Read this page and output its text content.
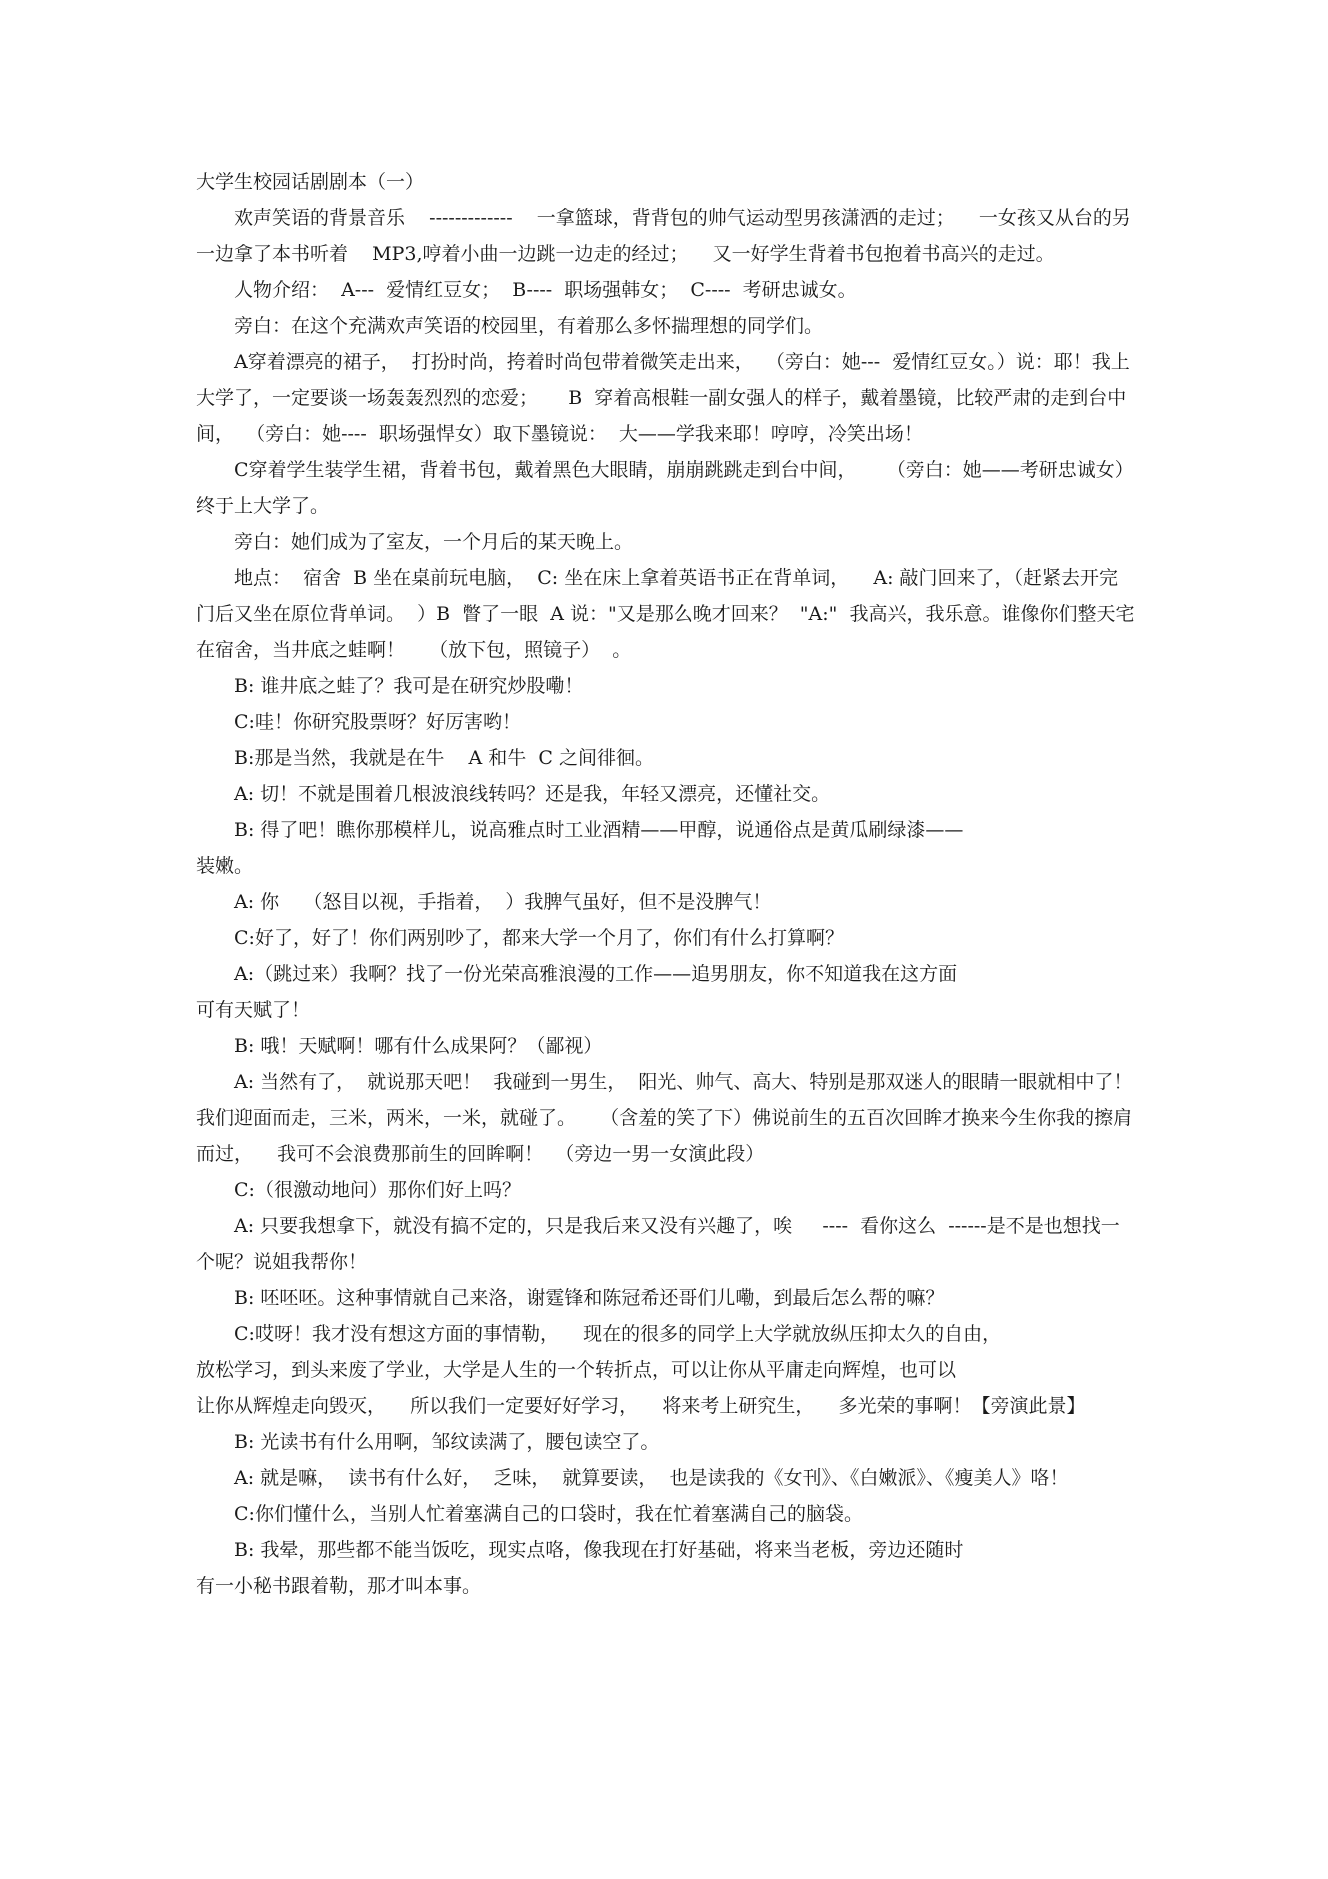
大学生校园话剧剧本（一）

欢声笑语的背景音乐    -------------    一拿篮球，背背包的帅气运动型男孩潇洒的走过；    一女孩又从台的另一边拿了本书听着    MP3,哼着小曲一边跳一边走的经过；    又一好学生背着书包抱着书高兴的走过。

人物介绍：  A---  爱情红豆女；  B----  职场强韩女；  C----  考研忠诚女。

旁白：在这个充满欢声笑语的校园里，有着那么多怀揣理想的同学们。

A穿着漂亮的裙子，  打扮时尚，挎着时尚包带着微笑走出来，  （旁白：她---  爱情红豆女。）说：耶！我上大学了，一定要谈一场轰轰烈烈的恋爱；     B  穿着高根鞋一副女强人的样子，戴着墨镜，比较严肃的走到台中间，  （旁白：她----  职场强悍女）取下墨镜说：  大——学我来耶！哼哼，冷笑出场！

C穿着学生装学生裙，背着书包，戴着黑色大眼睛，崩崩跳跳走到台中间，     （旁白：她——考研忠诚女）终于上大学了。

旁白：她们成为了室友，一个月后的某天晚上。

地点：  宿舍  B 坐在桌前玩电脑，  C: 坐在床上拿着英语书正在背单词，    A: 敲门回来了，（赶紧去开完门后又坐在原位背单词。  ）B  瞥了一眼  A 说："又是那么晚才回来？  "A:"  我高兴，我乐意。谁像你们整天宅在宿舍，当井底之蛙啊！    （放下包，照镜子）  。

B: 谁井底之蛙了？我可是在研究炒股嘞！

C:哇！你研究股票呀？好厉害哟！

B:那是当然，我就是在牛    A 和牛  C 之间徘徊。

A: 切！不就是围着几根波浪线转吗？还是我，年轻又漂亮，还懂社交。

B: 得了吧！瞧你那模样儿，说高雅点时工业酒精——甲醇，说通俗点是黄瓜刷绿漆——
装嫩。

A: 你    （怒目以视，手指着，  ）我脾气虽好，但不是没脾气！

C:好了，好了！你们两别吵了，都来大学一个月了，你们有什么打算啊？

A:（跳过来）我啊？找了一份光荣高雅浪漫的工作——追男朋友，你不知道我在这方面
可有天赋了！

B: 哦！天赋啊！哪有什么成果阿？（鄙视）

A: 当然有了，  就说那天吧！  我碰到一男生，  阳光、帅气、高大、特别是那双迷人的眼睛一眼就相中了！我们迎面而走，三米，两米，一米，就碰了。    （含羞的笑了下）佛说前生的五百次回眸才换来今生你我的擦肩而过，    我可不会浪费那前生的回眸啊！  （旁边一男一女演此段）

C:（很激动地问）那你们好上吗？

A: 只要我想拿下，就没有搞不定的，只是我后来又没有兴趣了，唉     ----  看你这么  ------是不是也想找一个呢？说姐我帮你！

B: 呸呸呸。这种事情就自己来洛，谢霆锋和陈冠希还哥们儿嘞，到最后怎么帮的嘛？

C:哎呀！我才没有想这方面的事情勒，    现在的很多的同学上大学就放纵压抑太久的自由，
放松学习，到头来废了学业，大学是人生的一个转折点，可以让你从平庸走向辉煌，也可以
让你从辉煌走向毁灭，    所以我们一定要好好学习，    将来考上研究生，    多光荣的事啊！【旁演此景】

B: 光读书有什么用啊，邹纹读满了，腰包读空了。

A: 就是嘛，  读书有什么好，  乏味，  就算要读，  也是读我的《女刊》、《白嫩派》、《瘦美人》咯！

C:你们懂什么，当别人忙着塞满自己的口袋时，我在忙着塞满自己的脑袋。

B: 我晕，那些都不能当饭吃，现实点咯，像我现在打好基础，将来当老板，旁边还随时
有一小秘书跟着勒，那才叫本事。
